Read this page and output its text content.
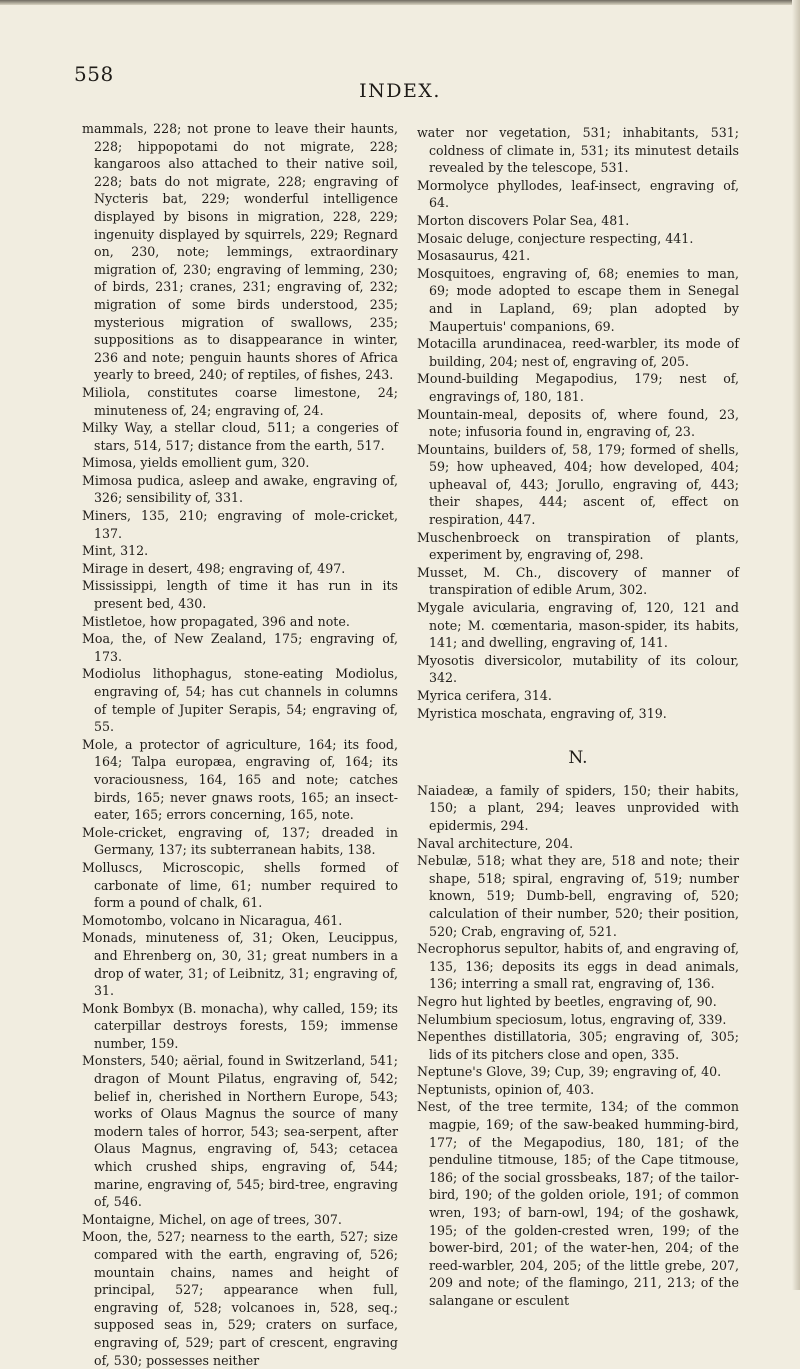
558
INDEX.

mammals, 228; not prone to leave their haunts, 228; hippopotami do not migrate, 228; kangaroos also attached to their native soil, 228; bats do not migrate, 228; engraving of Nycteris bat, 229; wonderful intelligence displayed by bisons in migration, 228, 229; ingenuity displayed by squirrels, 229; Regnard on, 230, note; lemmings, extraordinary migration of, 230; engraving of lemming, 230; of birds, 231; cranes, 231; engraving of, 232; migration of some birds understood, 235; mysterious migration of swallows, 235; suppositions as to disappearance in winter, 236 and note; penguin haunts shores of Africa yearly to breed, 240; of reptiles, of fishes, 243.

Miliola, constitutes coarse limestone, 24; minuteness of, 24; engraving of, 24.

Milky Way, a stellar cloud, 511; a congeries of stars, 514, 517; distance from the earth, 517.

Mimosa, yields emollient gum, 320.

Mimosa pudica, asleep and awake, engraving of, 326; sensibility of, 331.

Miners, 135, 210; engraving of mole-cricket, 137.

Mint, 312.

Mirage in desert, 498; engraving of, 497.

Mississippi, length of time it has run in its present bed, 430.

Mistletoe, how propagated, 396 and note.

Moa, the, of New Zealand, 175; engraving of, 173.

Modiolus lithophagus, stone-eating Modiolus, engraving of, 54; has cut channels in columns of temple of Jupiter Serapis, 54; engraving of, 55.

Mole, a protector of agriculture, 164; its food, 164; Talpa europæa, engraving of, 164; its voraciousness, 164, 165 and note; catches birds, 165; never gnaws roots, 165; an insect-eater, 165; errors concerning, 165, note.

Mole-cricket, engraving of, 137; dreaded in Germany, 137; its subterranean habits, 138.

Molluscs, Microscopic, shells formed of carbonate of lime, 61; number required to form a pound of chalk, 61.

Momotombo, volcano in Nicaragua, 461.

Monads, minuteness of, 31; Oken, Leucippus, and Ehrenberg on, 30, 31; great numbers in a drop of water, 31; of Leibnitz, 31; engraving of, 31.

Monk Bombyx (B. monacha), why called, 159; its caterpillar destroys forests, 159; immense number, 159.

Monsters, 540; aërial, found in Switzerland, 541; dragon of Mount Pilatus, engraving of, 542; belief in, cherished in Northern Europe, 543; works of Olaus Magnus the source of many modern tales of horror, 543; sea-serpent, after Olaus Magnus, engraving of, 543; cetacea which crushed ships, engraving of, 544; marine, engraving of, 545; bird-tree, engraving of, 546.

Montaigne, Michel, on age of trees, 307.

Moon, the, 527; nearness to the earth, 527; size compared with the earth, engraving of, 526; mountain chains, names and height of principal, 527; appearance when full, engraving of, 528; volcanoes in, 528, seq.; supposed seas in, 529; craters on surface, engraving of, 529; part of crescent, engraving of, 530; possesses neither

water nor vegetation, 531; inhabitants, 531; coldness of climate in, 531; its minutest details revealed by the telescope, 531.

Mormolyce phyllodes, leaf-insect, engraving of, 64.

Morton discovers Polar Sea, 481.

Mosaic deluge, conjecture respecting, 441.

Mosasaurus, 421.

Mosquitoes, engraving of, 68; enemies to man, 69; mode adopted to escape them in Senegal and in Lapland, 69; plan adopted by Maupertuis' companions, 69.

Motacilla arundinacea, reed-warbler, its mode of building, 204; nest of, engraving of, 205.

Mound-building Megapodius, 179; nest of, engravings of, 180, 181.

Mountain-meal, deposits of, where found, 23, note; infusoria found in, engraving of, 23.

Mountains, builders of, 58, 179; formed of shells, 59; how upheaved, 404; how developed, 404; upheaval of, 443; Jorullo, engraving of, 443; their shapes, 444; ascent of, effect on respiration, 447.

Muschenbroeck on transpiration of plants, experiment by, engraving of, 298.

Musset, M. Ch., discovery of manner of transpiration of edible Arum, 302.

Mygale avicularia, engraving of, 120, 121 and note; M. cœmentaria, mason-spider, its habits, 141; and dwelling, engraving of, 141.

Myosotis diversicolor, mutability of its colour, 342.

Myrica cerifera, 314.

Myristica moschata, engraving of, 319.

N.

Naiadeæ, a family of spiders, 150; their habits, 150; a plant, 294; leaves unprovided with epidermis, 294.

Naval architecture, 204.

Nebulæ, 518; what they are, 518 and note; their shape, 518; spiral, engraving of, 519; number known, 519; Dumb-bell, engraving of, 520; calculation of their number, 520; their position, 520; Crab, engraving of, 521.

Necrophorus sepultor, habits of, and engraving of, 135, 136; deposits its eggs in dead animals, 136; interring a small rat, engraving of, 136.

Negro hut lighted by beetles, engraving of, 90.

Nelumbium speciosum, lotus, engraving of, 339.

Nepenthes distillatoria, 305; engraving of, 305; lids of its pitchers close and open, 335.

Neptune's Glove, 39; Cup, 39; engraving of, 40.

Neptunists, opinion of, 403.

Nest, of the tree termite, 134; of the common magpie, 169; of the saw-beaked humming-bird, 177; of the Megapodius, 180, 181; of the penduline titmouse, 185; of the Cape titmouse, 186; of the social grossbeaks, 187; of the tailor-bird, 190; of the golden oriole, 191; of common wren, 193; of barn-owl, 194; of the goshawk, 195; of the golden-crested wren, 199; of the bower-bird, 201; of the water-hen, 204; of the reed-warbler, 204, 205; of the little grebe, 207, 209 and note; of the flamingo, 211, 213; of the salangane or esculent
